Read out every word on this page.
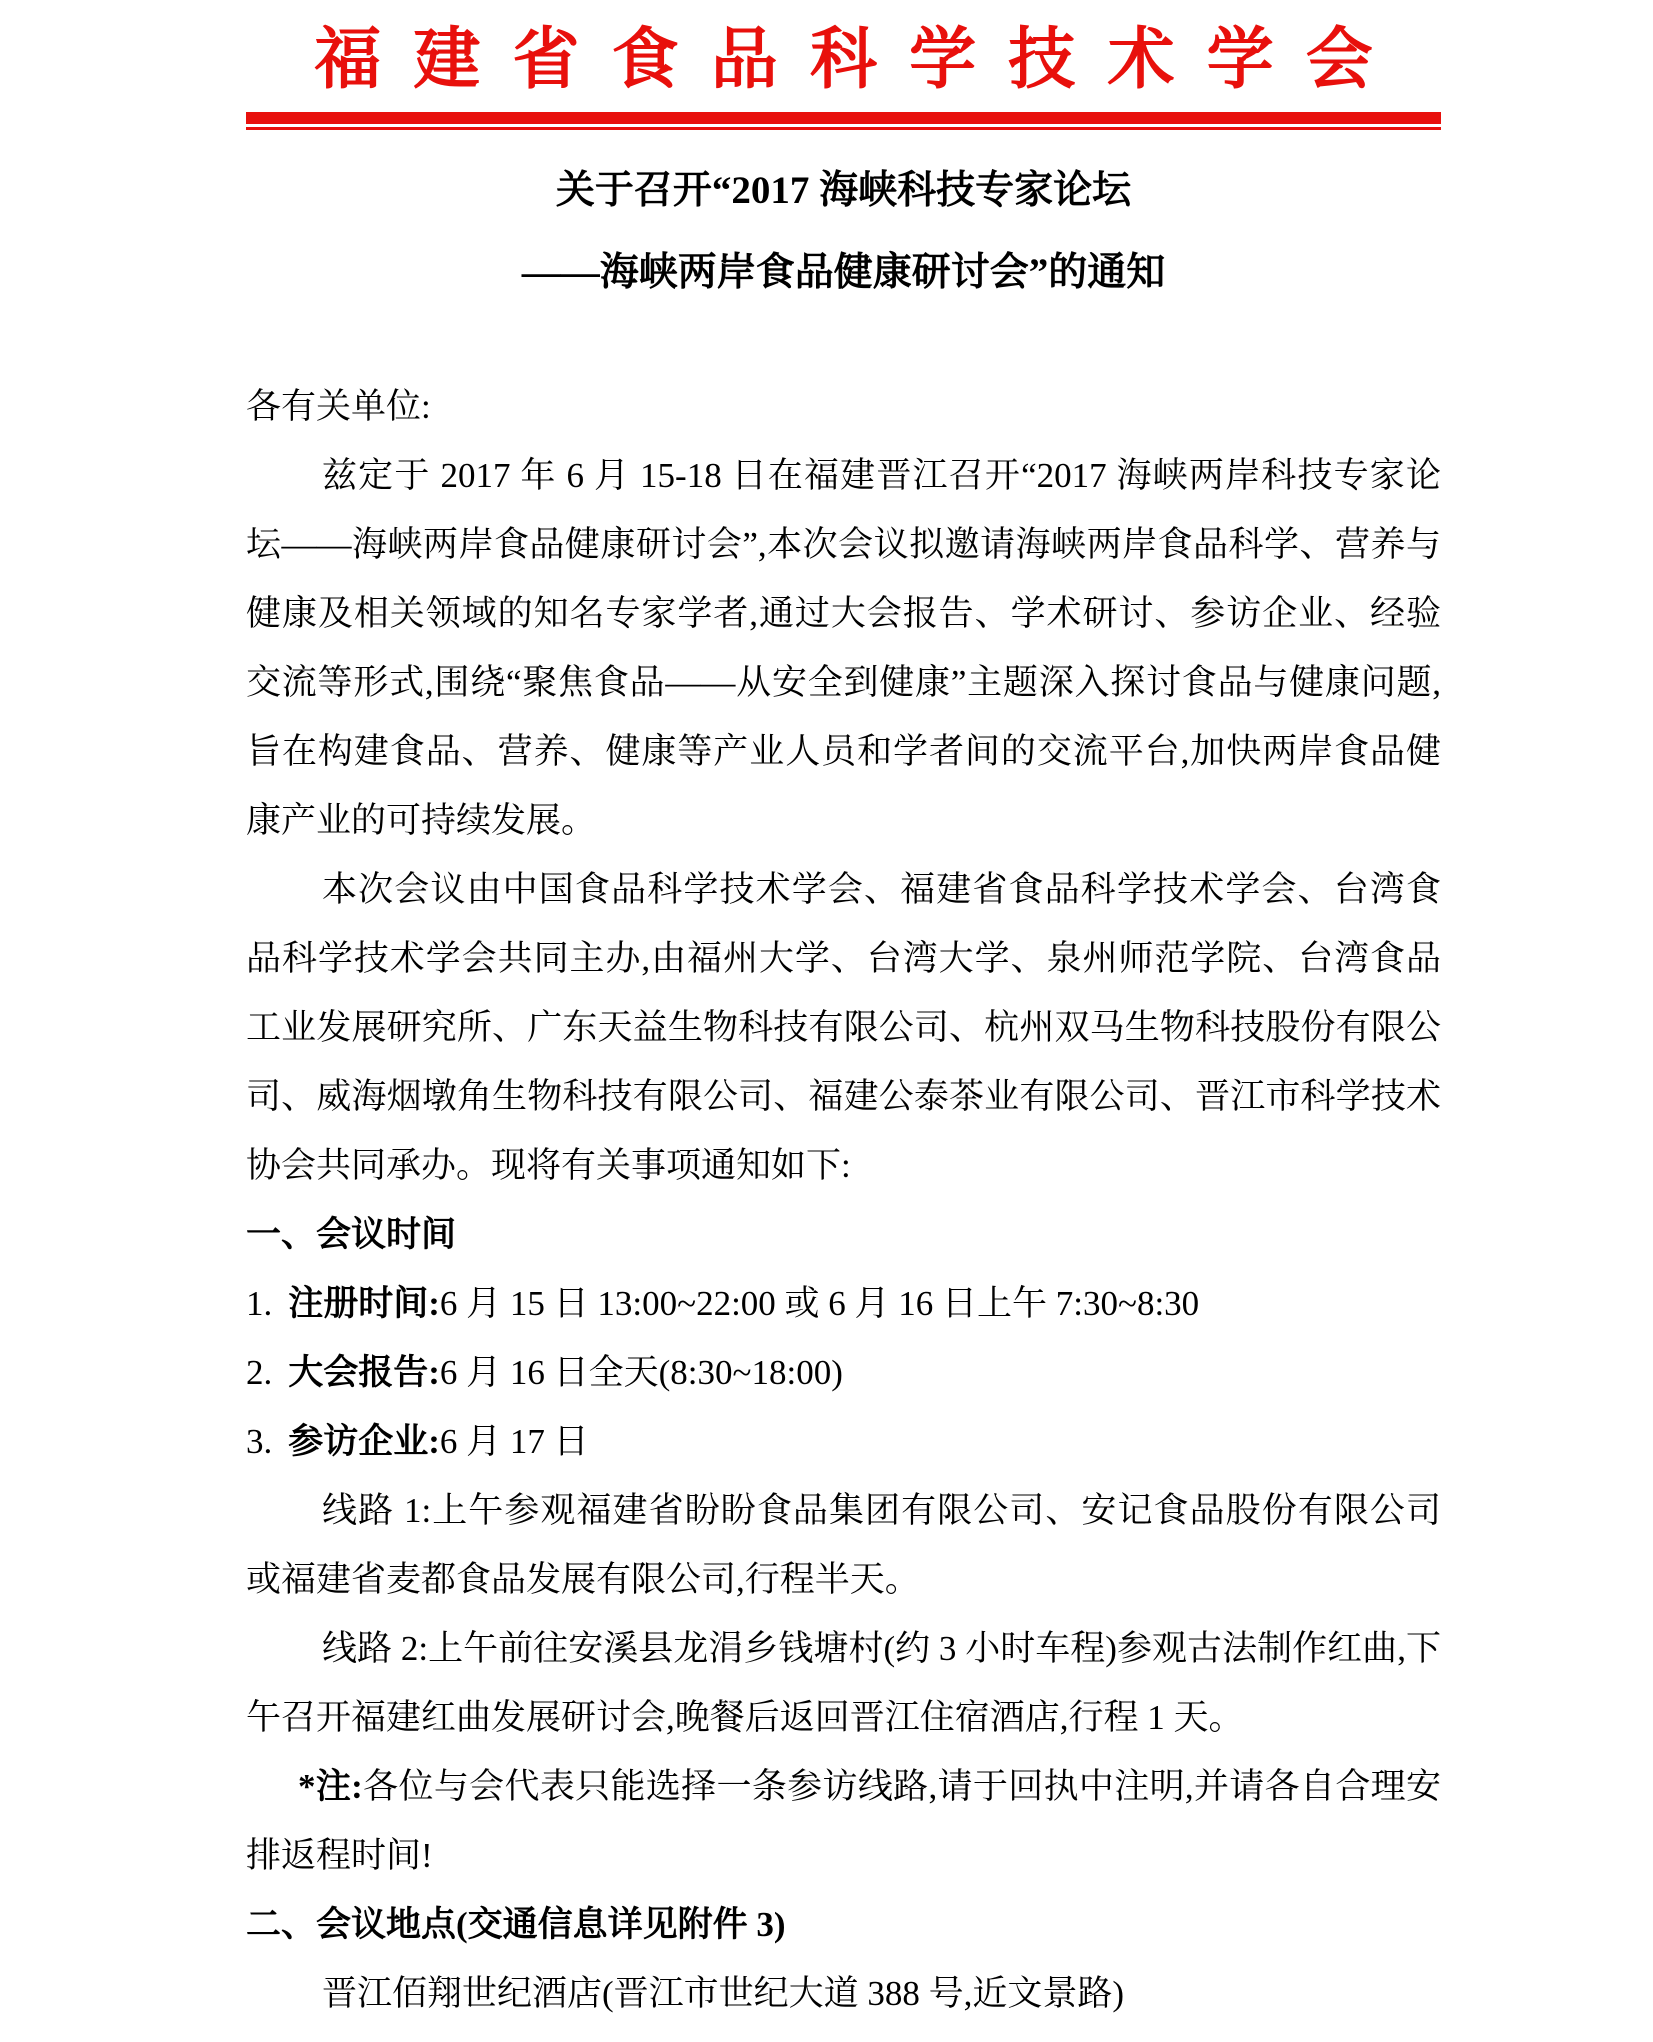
福建省食品科学技术学会
关于召开“2017 海峡科技专家论坛
——海峡两岸食品健康研讨会”的通知

各有关单位:

兹定于 2017 年 6 月 15-18 日在福建晋江召开“2017 海峡两岸科技专家论坛——海峡两岸食品健康研讨会”,本次会议拟邀请海峡两岸食品科学、营养与健康及相关领域的知名专家学者,通过大会报告、学术研讨、参访企业、经验交流等形式,围绕“聚焦食品——从安全到健康”主题深入探讨食品与健康问题,旨在构建食品、营养、健康等产业人员和学者间的交流平台,加快两岸食品健康产业的可持续发展。

本次会议由中国食品科学技术学会、福建省食品科学技术学会、台湾食品科学技术学会共同主办,由福州大学、台湾大学、泉州师范学院、台湾食品工业发展研究所、广东天益生物科技有限公司、杭州双马生物科技股份有限公司、威海烟墩角生物科技有限公司、福建公泰茶业有限公司、晋江市科学技术协会共同承办。现将有关事项通知如下:

一、会议时间

1. 注册时间:6 月 15 日 13:00~22:00 或 6 月 16 日上午 7:30~8:30

2. 大会报告:6 月 16 日全天(8:30~18:00)

3. 参访企业:6 月 17 日

线路 1:上午参观福建省盼盼食品集团有限公司、安记食品股份有限公司或福建省麦都食品发展有限公司,行程半天。

线路 2:上午前往安溪县龙涓乡钱塘村(约 3 小时车程)参观古法制作红曲,下午召开福建红曲发展研讨会,晚餐后返回晋江住宿酒店,行程 1 天。

*注:各位与会代表只能选择一条参访线路,请于回执中注明,并请各自合理安排返程时间!

二、会议地点(交通信息详见附件 3)

晋江佰翔世纪酒店(晋江市世纪大道 388 号,近文景路)
